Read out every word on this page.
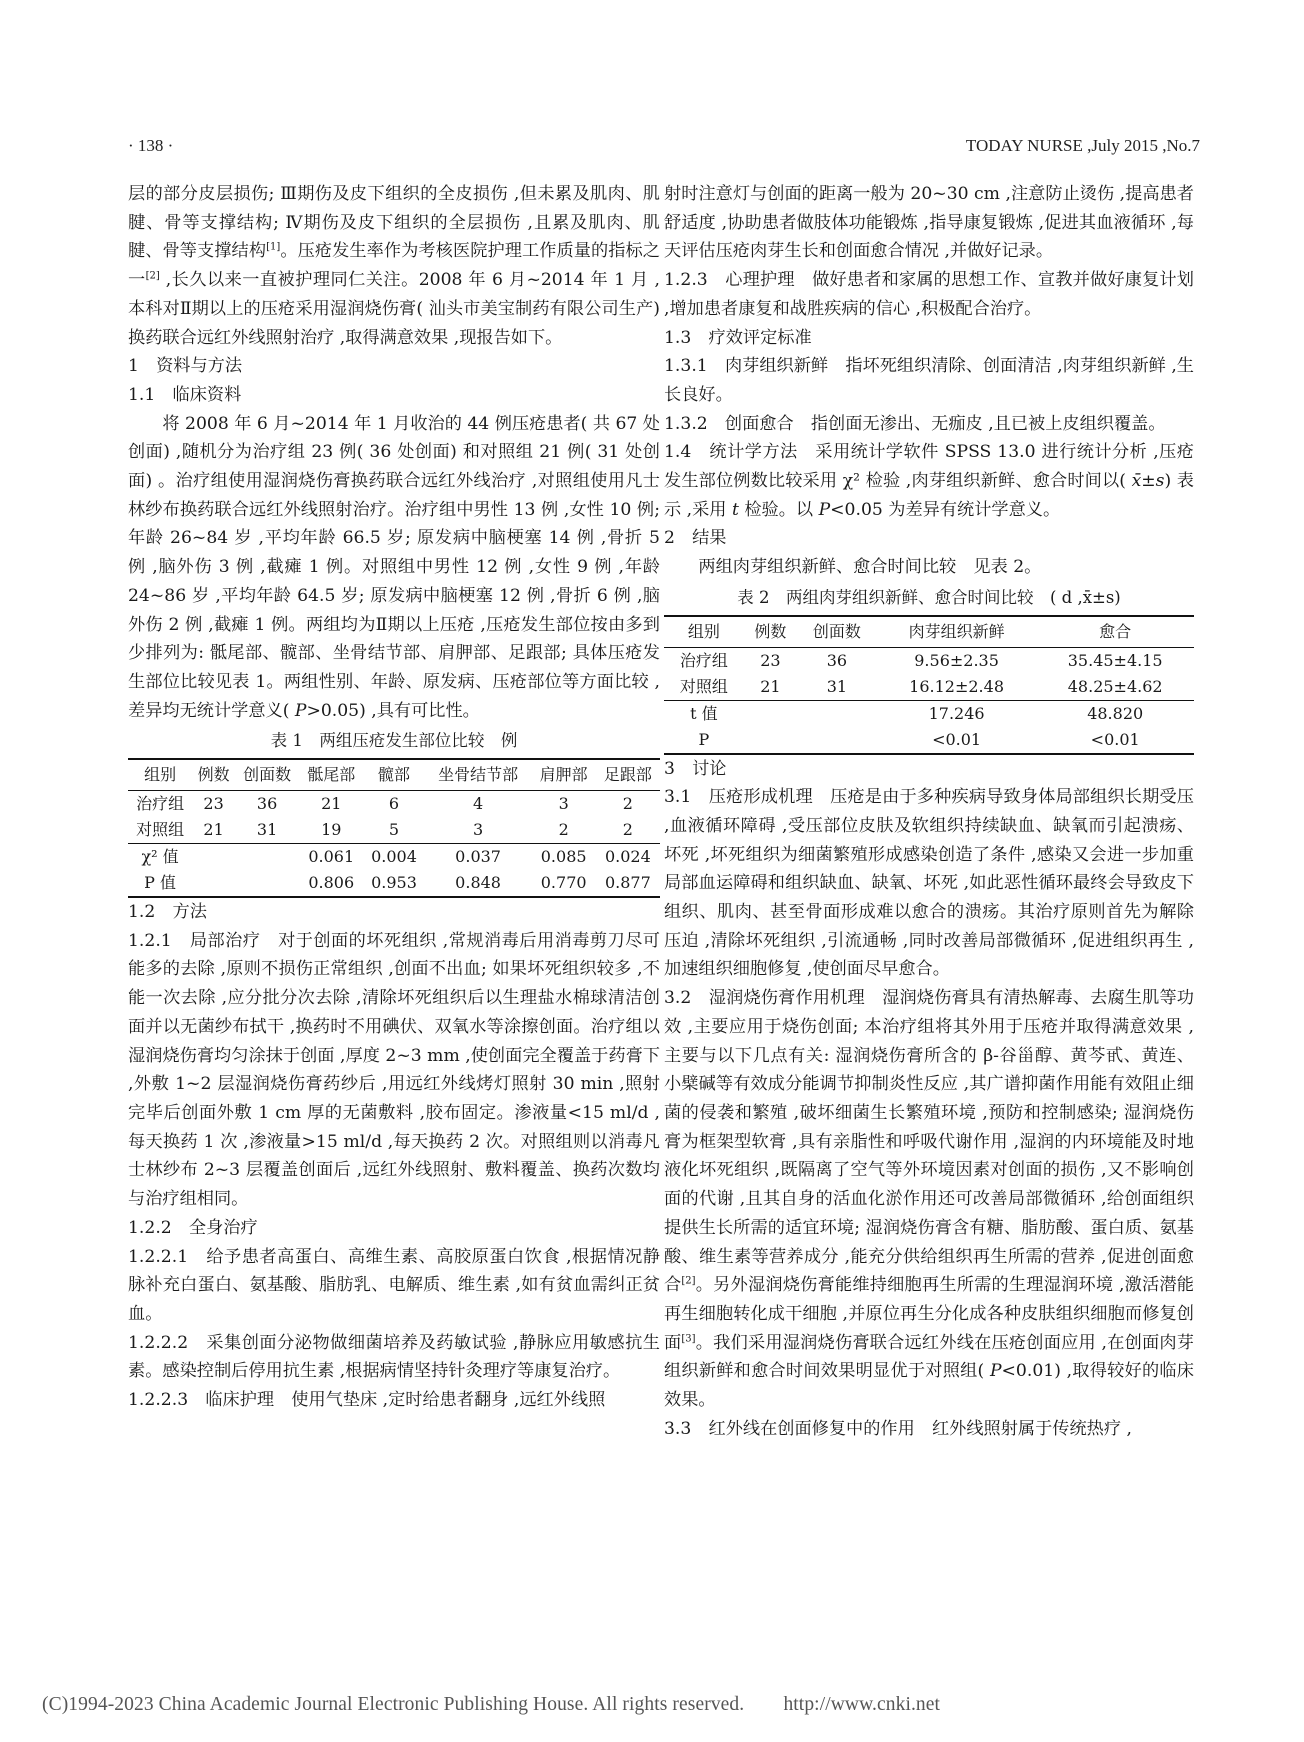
· 138 ·	TODAY NURSE ,July 2015 ,No.7

层的部分皮层损伤; Ⅲ期伤及皮下组织的全皮损伤 ,但未累及肌肉、肌腱、骨等支撑结构; Ⅳ期伤及皮下组织的全层损伤 ,且累及肌肉、肌腱、骨等支撑结构[1]。压疮发生率作为考核医院护理工作质量的指标之一[2] ,长久以来一直被护理同仁关注。2008 年 6 月~2014 年 1 月 ,本科对Ⅱ期以上的压疮采用湿润烧伤膏( 汕头市美宝制药有限公司生产) 换药联合远红外线照射治疗 ,取得满意效果 ,现报告如下。

1　资料与方法

1.1　临床资料

将 2008 年 6 月~2014 年 1 月收治的 44 例压疮患者( 共 67 处创面) ,随机分为治疗组 23 例( 36 处创面) 和对照组 21 例( 31 处创面) 。治疗组使用湿润烧伤膏换药联合远红外线治疗 ,对照组使用凡士林纱布换药联合远红外线照射治疗。治疗组中男性 13 例 ,女性 10 例; 年龄 26~84 岁 ,平均年龄 66.5 岁; 原发病中脑梗塞 14 例 ,骨折 5 例 ,脑外伤 3 例 ,截瘫 1 例。对照组中男性 12 例 ,女性 9 例 ,年龄 24~86 岁 ,平均年龄 64.5 岁; 原发病中脑梗塞 12 例 ,骨折 6 例 ,脑外伤 2 例 ,截瘫 1 例。两组均为Ⅱ期以上压疮 ,压疮发生部位按由多到少排列为: 骶尾部、髋部、坐骨结节部、肩胛部、足跟部; 具体压疮发生部位比较见表 1。两组性别、年龄、原发病、压疮部位等方面比较 ,差异均无统计学意义( P>0.05) ,具有可比性。

表 1　两组压疮发生部位比较　例
组别	例数	创面数	骶尾部	髋部	坐骨结节部	肩胛部	足跟部
治疗组	23	36	21	6	4	3	2
对照组	21	31	19	5	3	2	2
χ² 值			0.061	0.004	0.037	0.085	0.024
P 值			0.806	0.953	0.848	0.770	0.877

1.2　方法

1.2.1　局部治疗　对于创面的坏死组织 ,常规消毒后用消毒剪刀尽可能多的去除 ,原则不损伤正常组织 ,创面不出血; 如果坏死组织较多 ,不能一次去除 ,应分批分次去除 ,清除坏死组织后以生理盐水棉球清洁创面并以无菌纱布拭干 ,换药时不用碘伏、双氧水等涂擦创面。治疗组以湿润烧伤膏均匀涂抹于创面 ,厚度 2~3 mm ,使创面完全覆盖于药膏下 ,外敷 1~2 层湿润烧伤膏药纱后 ,用远红外线烤灯照射 30 min ,照射完毕后创面外敷 1 cm 厚的无菌敷料 ,胶布固定。渗液量<15 ml/d ,每天换药 1 次 ,渗液量>15 ml/d ,每天换药 2 次。对照组则以消毒凡士林纱布 2~3 层覆盖创面后 ,远红外线照射、敷料覆盖、换药次数均与治疗组相同。

1.2.2　全身治疗

1.2.2.1　给予患者高蛋白、高维生素、高胶原蛋白饮食 ,根据情况静脉补充白蛋白、氨基酸、脂肪乳、电解质、维生素 ,如有贫血需纠正贫血。

1.2.2.2　采集创面分泌物做细菌培养及药敏试验 ,静脉应用敏感抗生素。感染控制后停用抗生素 ,根据病情坚持针灸理疗等康复治疗。

1.2.2.3　临床护理　使用气垫床 ,定时给患者翻身 ,远红外线照

射时注意灯与创面的距离一般为 20~30 cm ,注意防止烫伤 ,提高患者舒适度 ,协助患者做肢体功能锻炼 ,指导康复锻炼 ,促进其血液循环 ,每天评估压疮肉芽生长和创面愈合情况 ,并做好记录。

1.2.3　心理护理　做好患者和家属的思想工作、宣教并做好康复计划 ,增加患者康复和战胜疾病的信心 ,积极配合治疗。

1.3　疗效评定标准

1.3.1　肉芽组织新鲜　指坏死组织清除、创面清洁 ,肉芽组织新鲜 ,生长良好。

1.3.2　创面愈合　指创面无渗出、无痂皮 ,且已被上皮组织覆盖。

1.4　统计学方法　采用统计学软件 SPSS 13.0 进行统计分析 ,压疮发生部位例数比较采用 χ² 检验 ,肉芽组织新鲜、愈合时间以( x̄±s) 表示 ,采用 t 检验。以 P<0.05 为差异有统计学意义。

2　结果

两组肉芽组织新鲜、愈合时间比较　见表 2。

表 2　两组肉芽组织新鲜、愈合时间比较　( d ,x̄±s)
组别	例数	创面数	肉芽组织新鲜	愈合
治疗组	23	36	9.56±2.35	35.45±4.15
对照组	21	31	16.12±2.48	48.25±4.62
t 值			17.246	48.820
P			<0.01	<0.01

3　讨论

3.1　压疮形成机理　压疮是由于多种疾病导致身体局部组织长期受压 ,血液循环障碍 ,受压部位皮肤及软组织持续缺血、缺氧而引起溃疡、坏死 ,坏死组织为细菌繁殖形成感染创造了条件 ,感染又会进一步加重局部血运障碍和组织缺血、缺氧、坏死 ,如此恶性循环最终会导致皮下组织、肌肉、甚至骨面形成难以愈合的溃疡。其治疗原则首先为解除压迫 ,清除坏死组织 ,引流通畅 ,同时改善局部微循环 ,促进组织再生 ,加速组织细胞修复 ,使创面尽早愈合。

3.2　湿润烧伤膏作用机理　湿润烧伤膏具有清热解毒、去腐生肌等功效 ,主要应用于烧伤创面; 本治疗组将其外用于压疮并取得满意效果 ,主要与以下几点有关: 湿润烧伤膏所含的 β-谷甾醇、黄芩甙、黄连、小檗碱等有效成分能调节抑制炎性反应 ,其广谱抑菌作用能有效阻止细菌的侵袭和繁殖 ,破坏细菌生长繁殖环境 ,预防和控制感染; 湿润烧伤膏为框架型软膏 ,具有亲脂性和呼吸代谢作用 ,湿润的内环境能及时地液化坏死组织 ,既隔离了空气等外环境因素对创面的损伤 ,又不影响创面的代谢 ,且其自身的活血化淤作用还可改善局部微循环 ,给创面组织提供生长所需的适宜环境; 湿润烧伤膏含有糖、脂肪酸、蛋白质、氨基酸、维生素等营养成分 ,能充分供给组织再生所需的营养 ,促进创面愈合[2]。另外湿润烧伤膏能维持细胞再生所需的生理湿润环境 ,激活潜能再生细胞转化成干细胞 ,并原位再生分化成各种皮肤组织细胞而修复创面[3]。我们采用湿润烧伤膏联合远红外线在压疮创面应用 ,在创面肉芽组织新鲜和愈合时间效果明显优于对照组( P<0.01) ,取得较好的临床效果。

3.3　红外线在创面修复中的作用　红外线照射属于传统热疗 ,

(C)1994-2023 China Academic Journal Electronic Publishing House. All rights reserved.　　http://www.cnki.net
